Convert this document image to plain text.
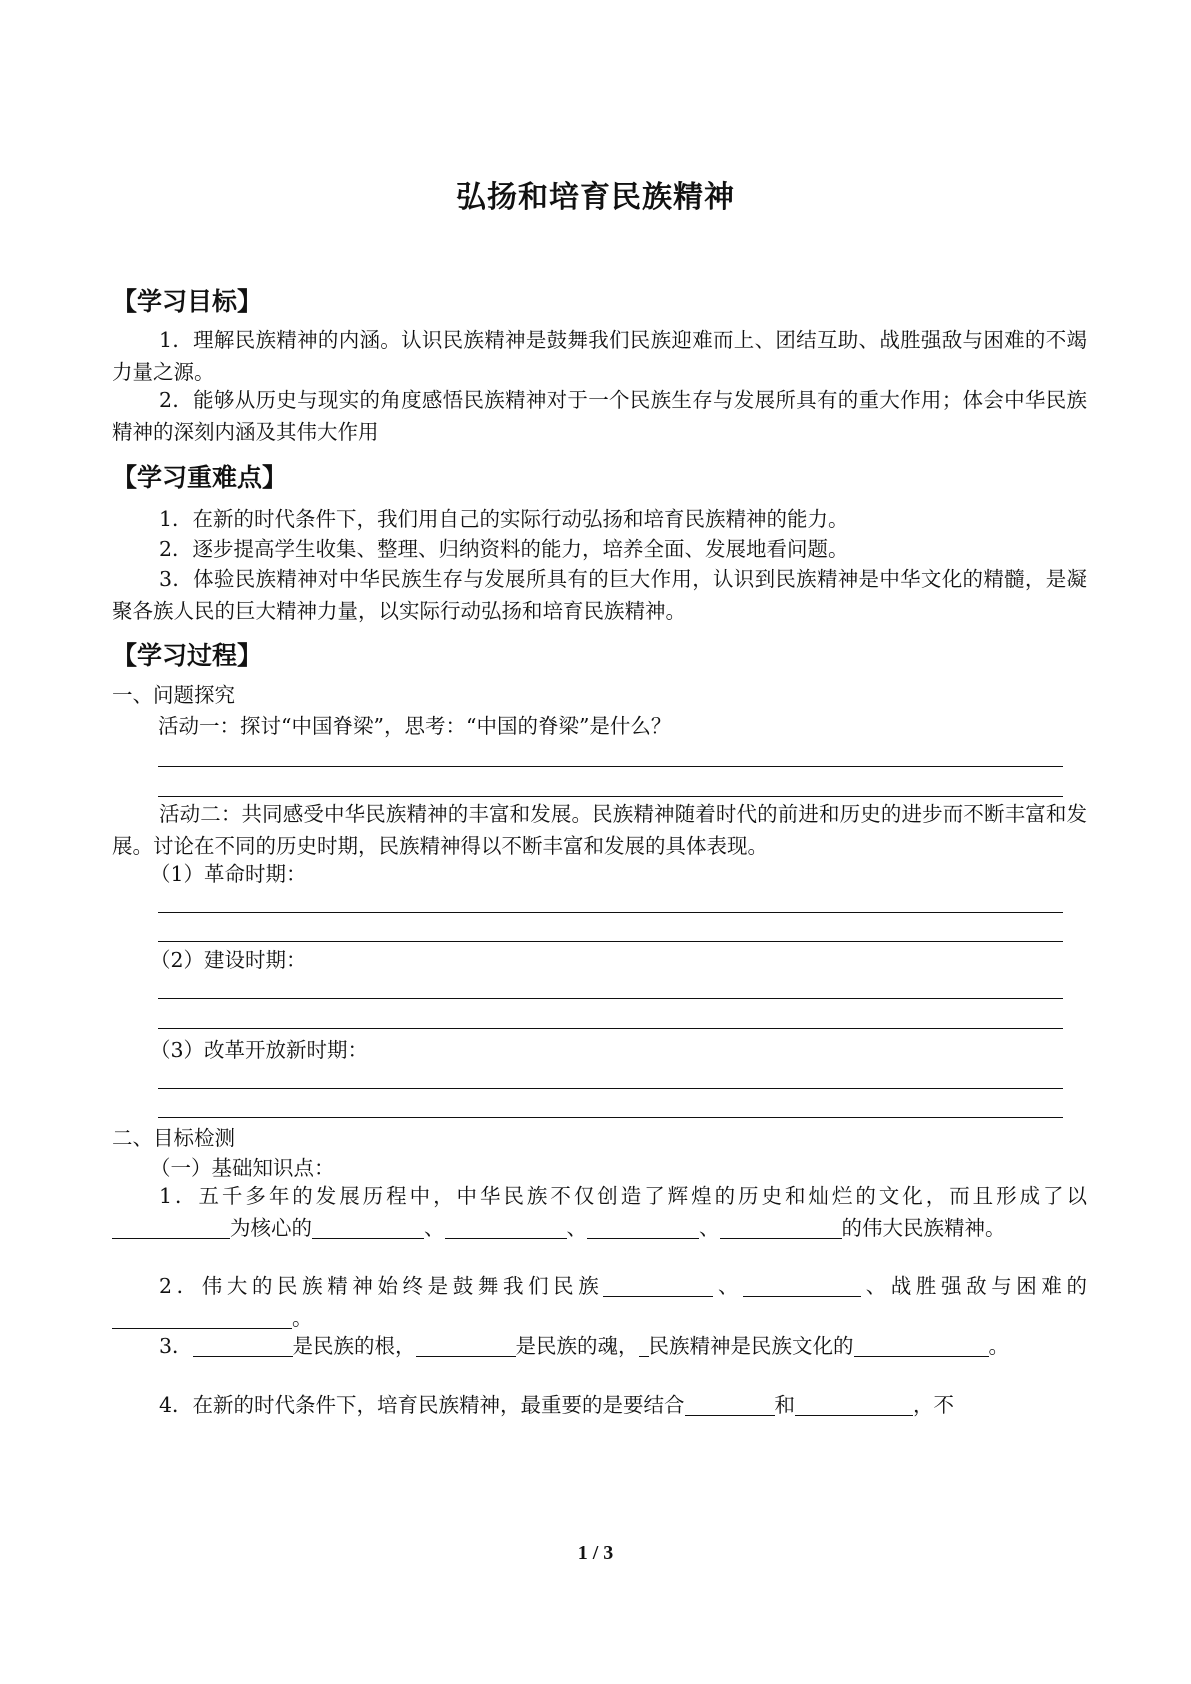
弘扬和培育民族精神
【学习目标】
1．理解民族精神的内涵。认识民族精神是鼓舞我们民族迎难而上、团结互助、战胜强敌与困难的不竭力量之源。
2．能够从历史与现实的角度感悟民族精神对于一个民族生存与发展所具有的重大作用；体会中华民族精神的深刻内涵及其伟大作用
【学习重难点】
1．在新的时代条件下，我们用自己的实际行动弘扬和培育民族精神的能力。
2．逐步提高学生收集、整理、归纳资料的能力，培养全面、发展地看问题。
3．体验民族精神对中华民族生存与发展所具有的巨大作用，认识到民族精神是中华文化的精髓，是凝聚各族人民的巨大精神力量，以实际行动弘扬和培育民族精神。
【学习过程】
一、问题探究
活动一：探讨“中国脊梁”，思考：“中国的脊梁”是什么？
活动二：共同感受中华民族精神的丰富和发展。民族精神随着时代的前进和历史的进步而不断丰富和发展。讨论在不同的历史时期，民族精神得以不断丰富和发展的具体表现。
（1）革命时期：
（2）建设时期：
（3）改革开放新时期：
二、目标检测
（一）基础知识点：
1．五千多年的发展历程中，中华民族不仅创造了辉煌的历史和灿烂的文化，而且形成了以为核心的	、	、	、	的伟大民族精神。
2．伟大的民族精神始终是鼓舞我们民族	、	、战胜强敌与困难的。
3．	是民族的根，	是民族的魂， 民族精神是民族文化的	。
4．在新的时代条件下，培育民族精神，最重要的是要结合	和	，不
1 / 3
